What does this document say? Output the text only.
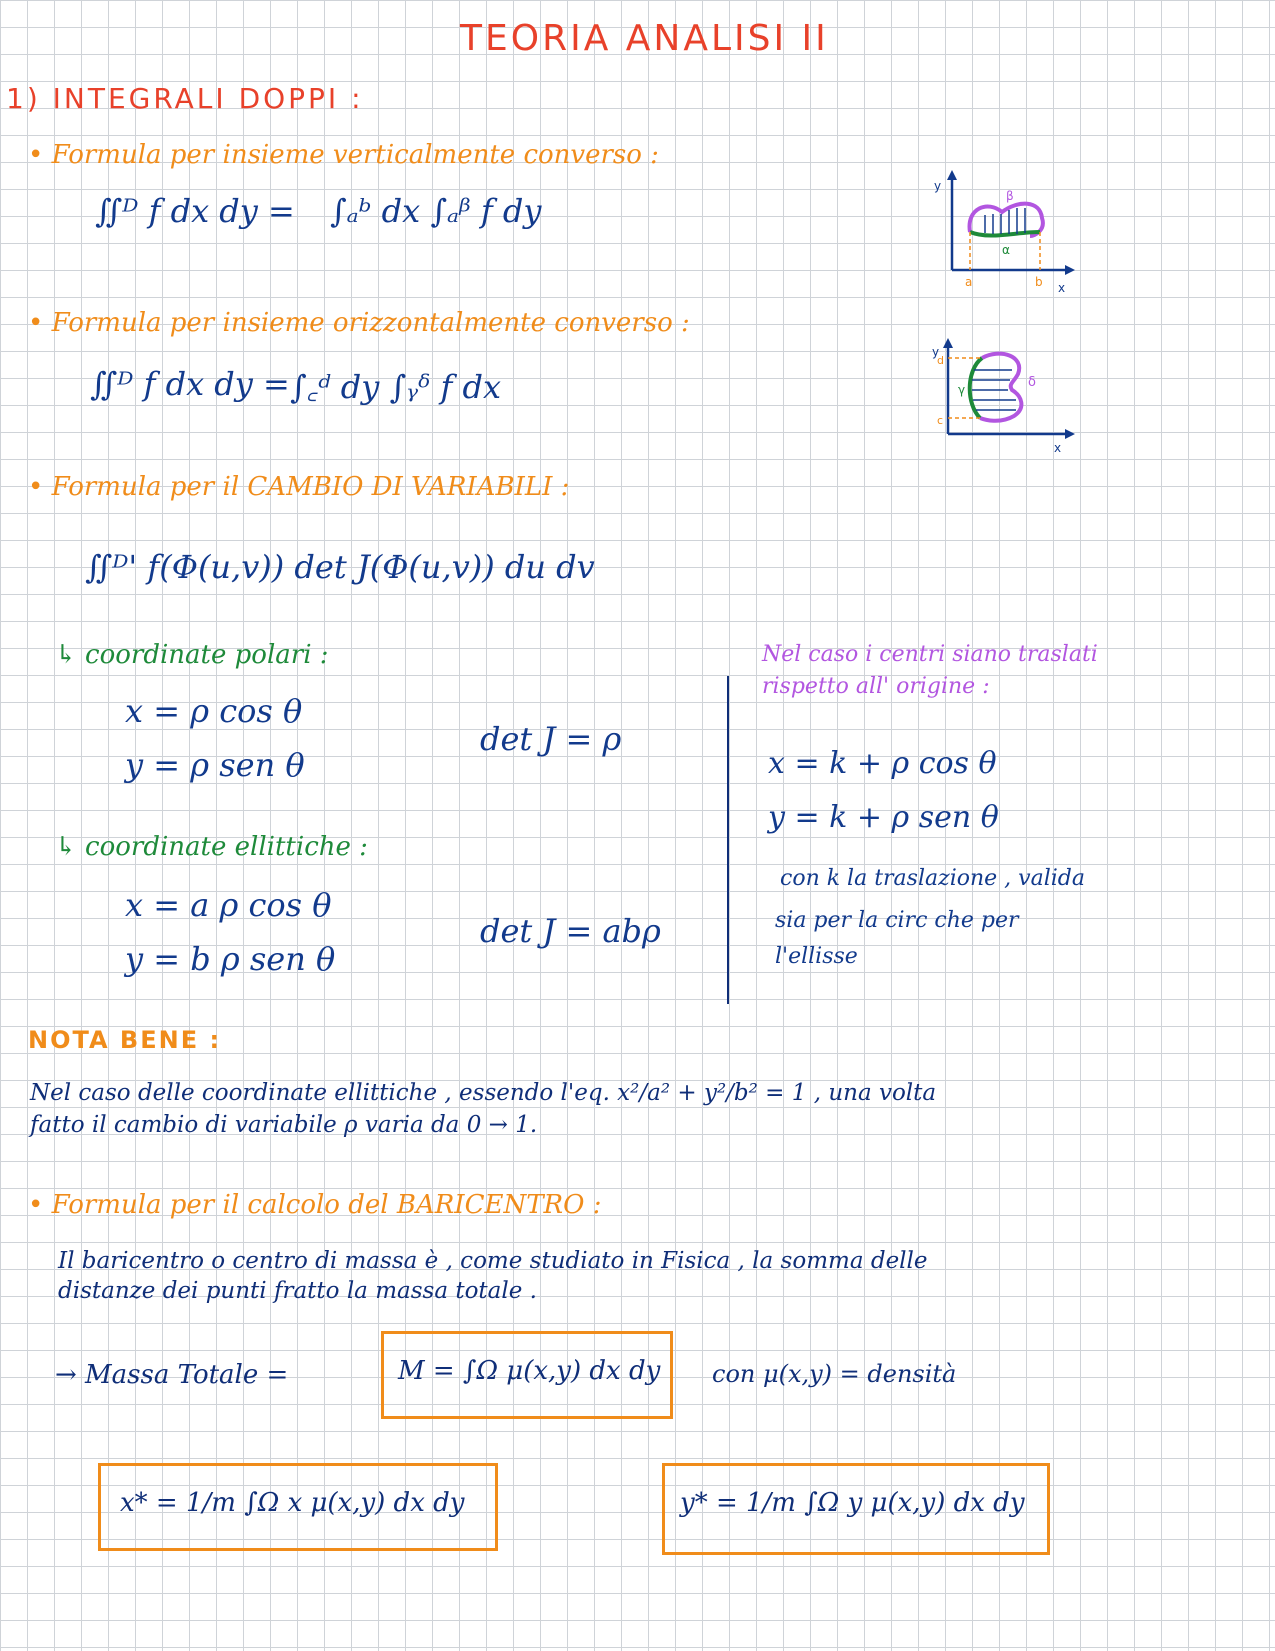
TEORIA ANALISI II
1) INTEGRALI DOPPI :
• Formula per insieme verticalmente converso :
∬ᴰ f dx dy = ∫ₐᵇ dx ∫ₐᵝ f dy
y
x
a	b
β
α
• Formula per insieme orizzontalmente converso :
∬ᴰ f dx dy = ∫꜀ᵈ dy ∫ᵧᵟ f dx
y
x
d
c
γ	δ
• Formula per il CAMBIO DI VARIABILI :
∬ᴰ' f(Φ(u,v)) det J(Φ(u,v)) du dv
↳ coordinate polari :
x = ρ cos θ
y = ρ sen θ
det J = ρ
↳ coordinate ellittiche :
x = a ρ cos θ
y = b ρ sen θ
det J = abρ
Nel caso i centri siano traslati
rispetto all' origine :
x = k + ρ cos θ
y = k + ρ sen θ
con k la traslazione , valida
sia per la circ che per
l'ellisse
NOTA BENE :
Nel caso delle coordinate ellittiche , essendo l'eq. x²/a² + y²/b² = 1 , una volta
fatto il cambio di variabile ρ varia da 0 → 1.
• Formula per il calcolo del BARICENTRO :
Il baricentro o centro di massa è , come studiato in Fisica , la somma delle
distanze dei punti fratto la massa totale .
→ Massa Totale =	M = ∫Ω μ(x,y) dx dy con μ(x,y) = densità
x* = 1/m ∫Ω x μ(x,y) dx dy	y* = 1/m ∫Ω y μ(x,y) dx dy
